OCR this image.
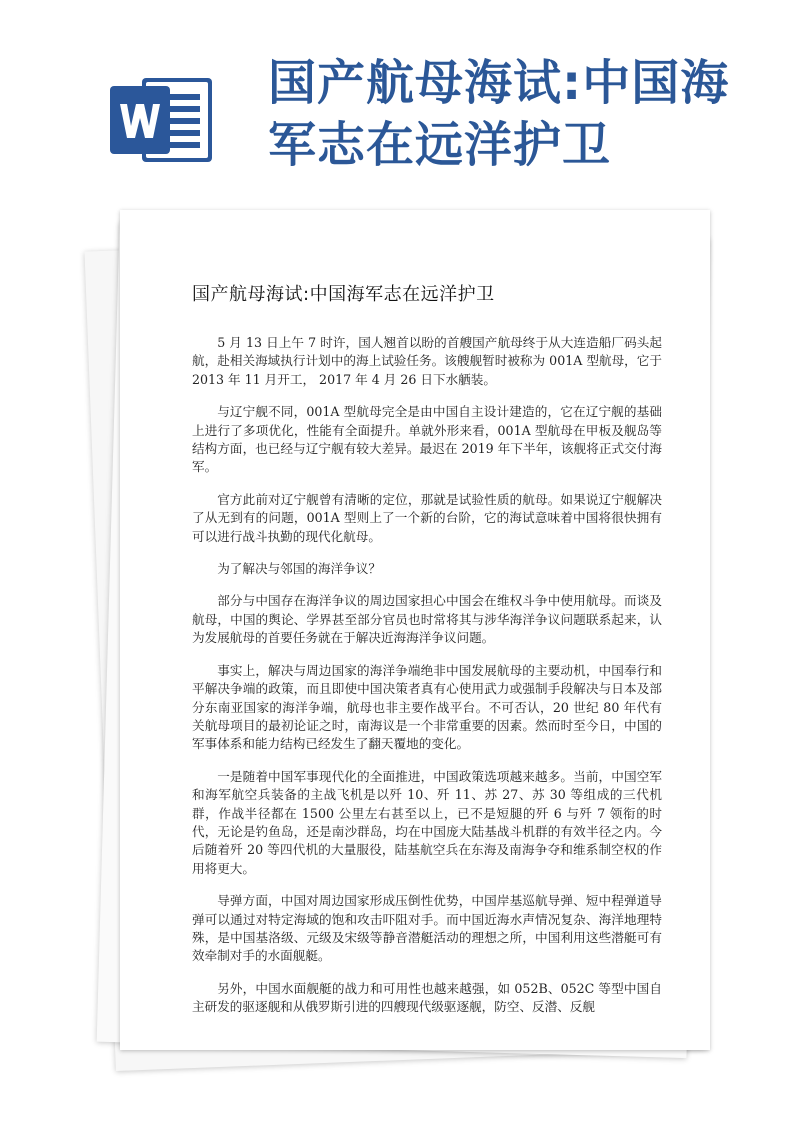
国产航母海试:中国海军志在远洋护卫
国产航母海试:中国海军志在远洋护卫

5 月 13 日上午 7 时许，国人翘首以盼的首艘国产航母终于从大连造船厂码头起航，赴相关海域执行计划中的海上试验任务。该艘舰暂时被称为 001A 型航母，它于 2013 年 11 月开工， 2017 年 4 月 26 日下水舾装。

与辽宁舰不同，001A 型航母完全是由中国自主设计建造的，它在辽宁舰的基础上进行了多项优化，性能有全面提升。单就外形来看，001A 型航母在甲板及舰岛等结构方面，也已经与辽宁舰有较大差异。最迟在 2019 年下半年，该舰将正式交付海军。

官方此前对辽宁舰曾有清晰的定位，那就是试验性质的航母。如果说辽宁舰解决了从无到有的问题，001A 型则上了一个新的台阶，它的海试意味着中国将很快拥有可以进行战斗执勤的现代化航母。

为了解决与邻国的海洋争议？

部分与中国存在海洋争议的周边国家担心中国会在维权斗争中使用航母。而谈及航母，中国的舆论、学界甚至部分官员也时常将其与涉华海洋争议问题联系起来，认为发展航母的首要任务就在于解决近海海洋争议问题。

事实上，解决与周边国家的海洋争端绝非中国发展航母的主要动机，中国奉行和平解决争端的政策，而且即使中国决策者真有心使用武力或强制手段解决与日本及部分东南亚国家的海洋争端，航母也非主要作战平台。不可否认，20 世纪 80 年代有关航母项目的最初论证之时，南海议是一个非常重要的因素。然而时至今日，中国的军事体系和能力结构已经发生了翻天覆地的变化。

一是随着中国军事现代化的全面推进，中国政策选项越来越多。当前，中国空军和海军航空兵装备的主战飞机是以歼 10、歼 11、苏 27、苏 30 等组成的三代机群，作战半径都在 1500 公里左右甚至以上，已不是短腿的歼 6 与歼 7 领衔的时代，无论是钓鱼岛，还是南沙群岛，均在中国庞大陆基战斗机群的有效半径之内。今后随着歼 20 等四代机的大量服役，陆基航空兵在东海及南海争夺和维系制空权的作用将更大。

导弹方面，中国对周边国家形成压倒性优势，中国岸基巡航导弹、短中程弹道导弹可以通过对特定海域的饱和攻击吓阻对手。而中国近海水声情况复杂、海洋地理特殊，是中国基洛级、元级及宋级等静音潜艇活动的理想之所，中国利用这些潜艇可有效牵制对手的水面舰艇。

另外，中国水面舰艇的战力和可用性也越来越强，如 052B、052C 等型中国自主研发的驱逐舰和从俄罗斯引进的四艘现代级驱逐舰，防空、反潜、反舰
